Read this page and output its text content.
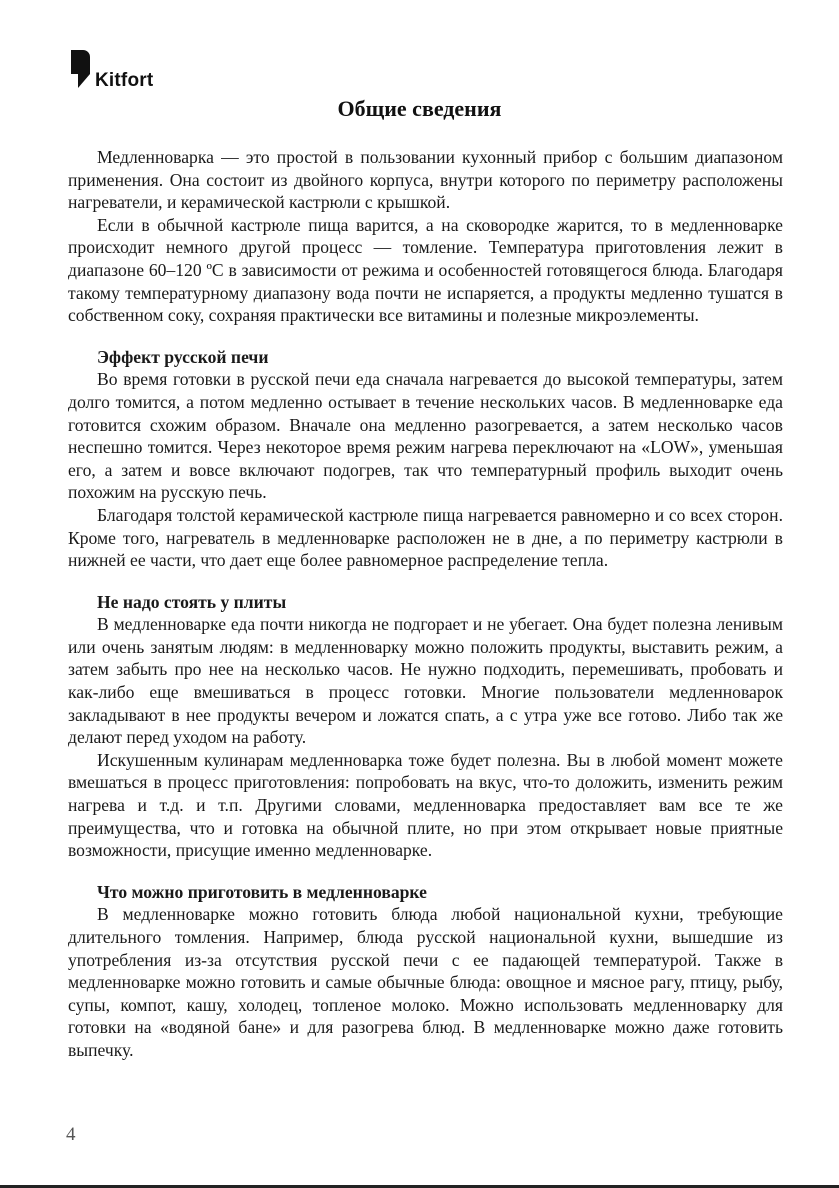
Kitfort
Общие сведения

Медленноварка — это простой в пользовании кухонный прибор с большим диапазоном применения. Она состоит из двойного корпуса, внутри которого по периметру расположены нагреватели, и керамической кастрюли с крышкой.

Если в обычной кастрюле пища варится, а на сковородке жарится, то в медленноварке происходит немного другой процесс — томление. Температура приготовления лежит в диапазоне 60–120 ºС в зависимости от режима и особенностей готовящегося блюда. Благодаря такому температурному диапазону вода почти не испаряется, а продукты медленно тушатся в собственном соку, сохраняя практически все витамины и полезные микроэлементы.

Эффект русской печи

Во время готовки в русской печи еда сначала нагревается до высокой температуры, затем долго томится, а потом медленно остывает в течение нескольких часов. В медленноварке еда готовится схожим образом. Вначале она медленно разогревается, а затем несколько часов неспешно томится. Через некоторое время режим нагрева переключают на «LOW», уменьшая его, а затем и вовсе включают подогрев, так что температурный профиль выходит очень похожим на русскую печь.

Благодаря толстой керамической кастрюле пища нагревается равномерно и со всех сторон. Кроме того, нагреватель в медленноварке расположен не в дне, а по периметру кастрюли в нижней ее части, что дает еще более равномерное распределение тепла.

Не надо стоять у плиты

В медленноварке еда почти никогда не подгорает и не убегает. Она будет полезна ленивым или очень занятым людям: в медленноварку можно положить продукты, выставить режим, а затем забыть про нее на несколько часов. Не нужно подходить, перемешивать, пробовать и как-либо еще вмешиваться в процесс готовки. Многие пользователи медленноварок закладывают в нее продукты вечером и ложатся спать, а с утра уже все готово. Либо так же делают перед уходом на работу.

Искушенным кулинарам медленноварка тоже будет полезна. Вы в любой момент можете вмешаться в процесс приготовления: попробовать на вкус, что-то доложить, изменить режим нагрева и т.д. и т.п. Другими словами, медленноварка предоставляет вам все те же преимущества, что и готовка на обычной плите, но при этом открывает новые приятные возможности, присущие именно медленноварке.

Что можно приготовить в медленноварке

В медленноварке можно готовить блюда любой национальной кухни, требующие длительного томления. Например, блюда русской национальной кухни, вышедшие из употребления из-за отсутствия русской печи с ее падающей температурой. Также в медленноварке можно готовить и самые обычные блюда: овощное и мясное рагу, птицу, рыбу, супы, компот, кашу, холодец, топленое молоко. Можно использовать медленноварку для готовки на «водяной бане» и для разогрева блюд. В медленноварке можно даже готовить выпечку.

4
